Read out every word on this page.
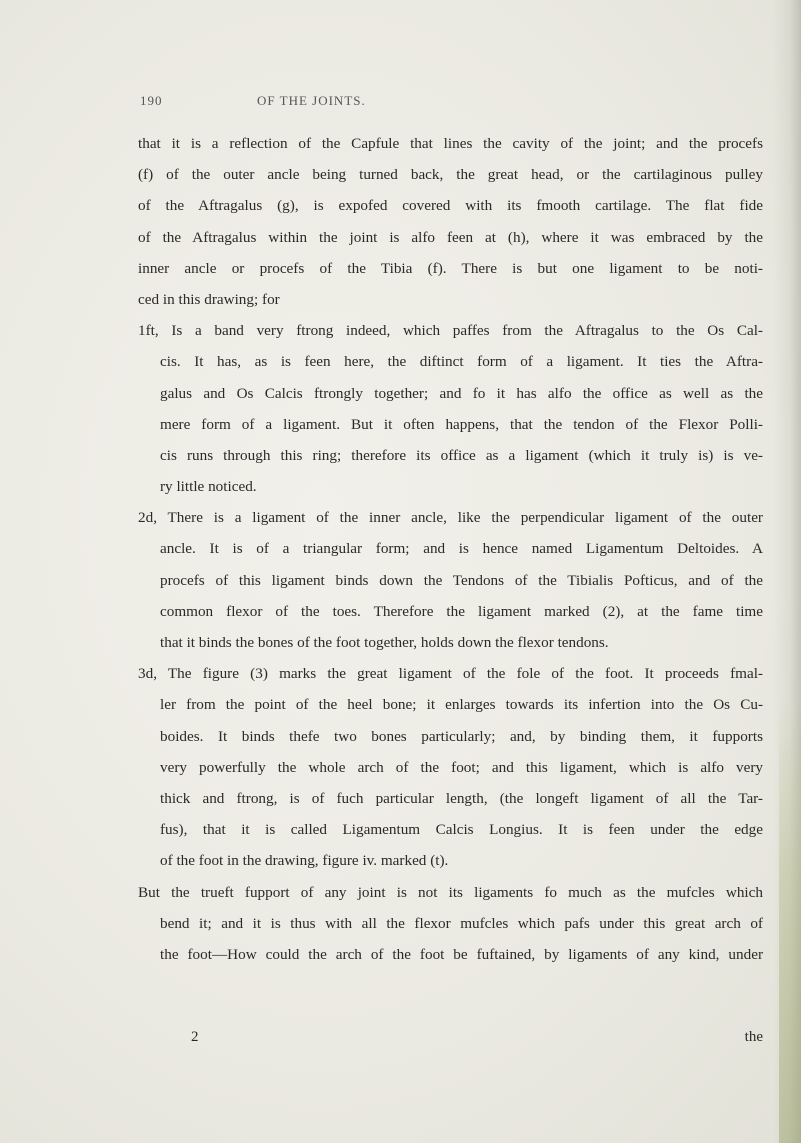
190	OF THE JOINTS.
that it is a reflection of the Capfule that lines the cavity of the joint; and the procefs
(f) of the outer ancle being turned back, the great head, or the cartilaginous pulley
of the Aftragalus (g), is expofed covered with its fmooth cartilage. The flat fide
of the Aftragalus within the joint is alfo feen at (h), where it was embraced by the
inner ancle or procefs of the Tibia (f). There is but one ligament to be noti-
ced in this drawing; for
1ft, Is a band very ftrong indeed, which paffes from the Aftragalus to the Os Cal-
cis. It has, as is feen here, the diftinct form of a ligament. It ties the Aftra-
galus and Os Calcis ftrongly together; and fo it has alfo the office as well as the
mere form of a ligament. But it often happens, that the tendon of the Flexor Polli-
cis runs through this ring; therefore its office as a ligament (which it truly is) is ve-
ry little noticed.
2d, There is a ligament of the inner ancle, like the perpendicular ligament of the outer
ancle. It is of a triangular form; and is hence named Ligamentum Deltoides. A
procefs of this ligament binds down the Tendons of the Tibialis Pofticus, and of the
common flexor of the toes. Therefore the ligament marked (2), at the fame time
that it binds the bones of the foot together, holds down the flexor tendons.
3d, The figure (3) marks the great ligament of the fole of the foot. It proceeds fmal-
ler from the point of the heel bone; it enlarges towards its infertion into the Os Cu-
boides. It binds thefe two bones particularly; and, by binding them, it fupports
very powerfully the whole arch of the foot; and this ligament, which is alfo very
thick and ftrong, is of fuch particular length, (the longeft ligament of all the Tar-
fus), that it is called Ligamentum Calcis Longius. It is feen under the edge
of the foot in the drawing, figure iv. marked (t).
But the trueft fupport of any joint is not its ligaments fo much as the mufcles which
bend it; and it is thus with all the flexor mufcles which pafs under this great arch of
the foot—How could the arch of the foot be fuftained, by ligaments of any kind, under
2	the
